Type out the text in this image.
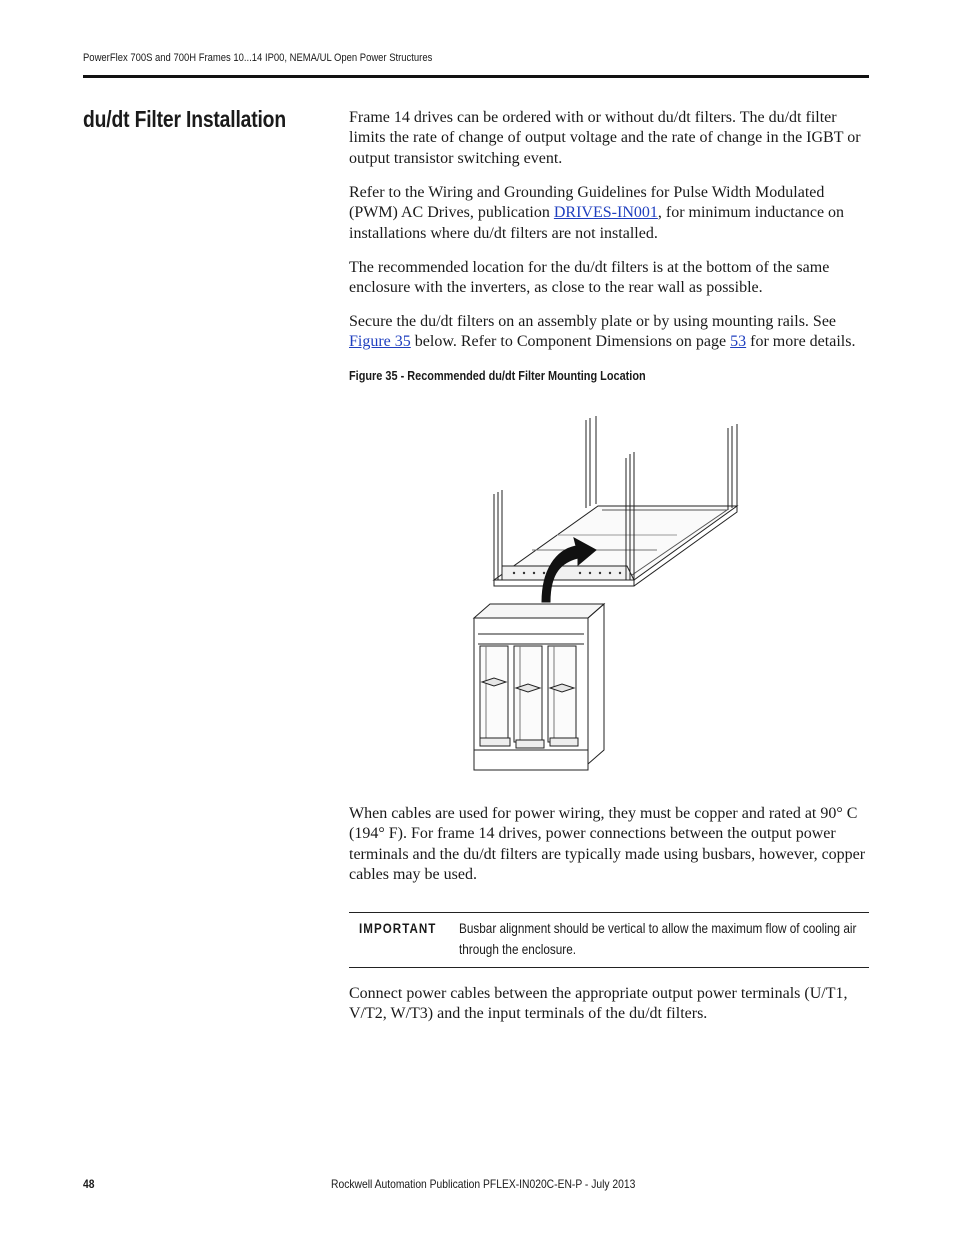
PowerFlex 700S and 700H Frames 10...14 IP00, NEMA/UL Open Power Structures
du/dt Filter Installation	Frame 14 drives can be ordered with or without du/dt filters. The du/dt filter limits the rate of change of output voltage and the rate of change in the IGBT or output transistor switching event.

Refer to the Wiring and Grounding Guidelines for Pulse Width Modulated (PWM) AC Drives, publication DRIVES-IN001, for minimum inductance on installations where du/dt filters are not installed.

The recommended location for the du/dt filters is at the bottom of the same enclosure with the inverters, as close to the rear wall as possible.

Secure the du/dt filters on an assembly plate or by using mounting rails. See Figure 35 below. Refer to Component Dimensions on page 53 for more details.

Figure 35 - Recommended du/dt Filter Mounting Location

When cables are used for power wiring, they must be copper and rated at 90° C (194° F). For frame 14 drives, power connections between the output power terminals and the du/dt filters are typically made using busbars, however, copper cables may be used.

IMPORTANT Busbar alignment should be vertical to allow the maximum flow of cooling air through the enclosure.

Connect power cables between the appropriate output power terminals (U/T1, V/T2, W/T3) and the input terminals of the du/dt filters.

48	Rockwell Automation Publication PFLEX-IN020C-EN-P - July 2013
